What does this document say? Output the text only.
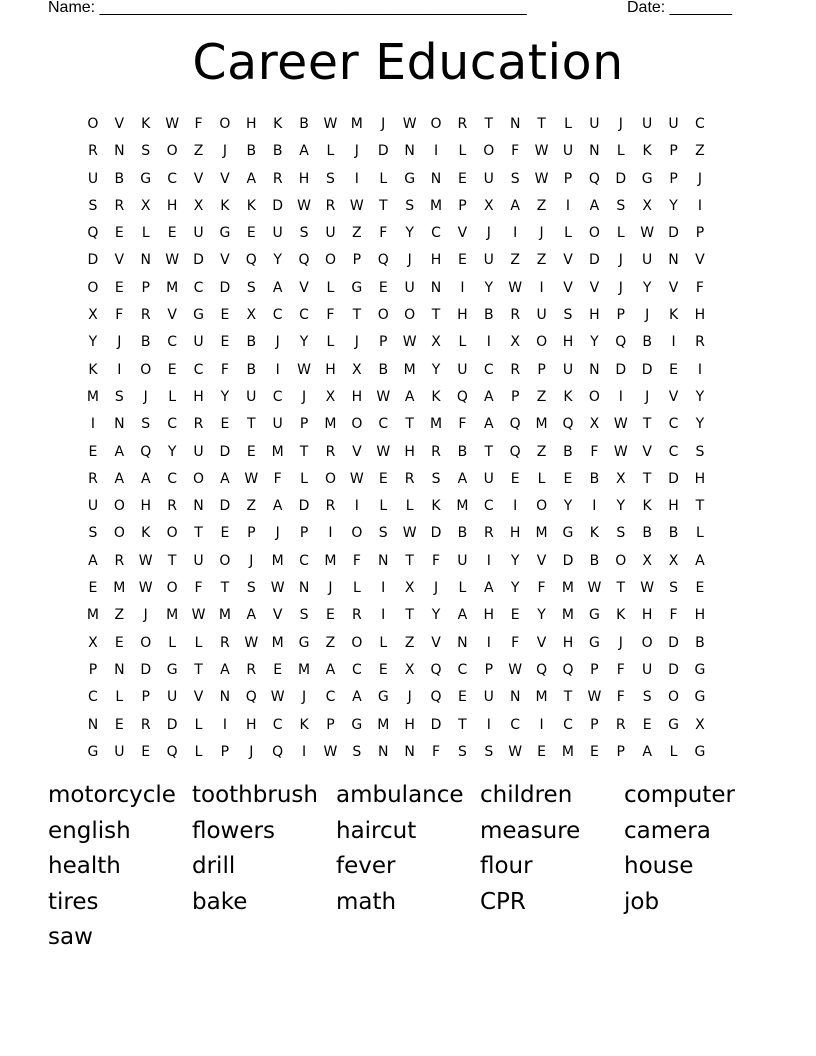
Name: ________________________________________________	Date: _______
Career Education
O	V	K	W	F	O	H	K	B	W M	J	W O	R	T	N	T	L	U	J	U	U	C
R	N	S	O	Z	J	B	B	A	L	J	D	N	I	L	O	F	W U	N	L	K	P	Z
U	B	G	C	V	V	A	R	H	S	I	L	G	N	E	U	S	W	P	Q	D	G	P	J
S	R	X	H	X	K	K	D W	R	W	T	S	M	P	X	A	Z	I	A	S	X	Y	I
Q	E	L	E	U	G	E	U	S	U	Z	F	Y	C	V	J	I	J	L	O	L	W D	P
D	V	N W D	V	Q	Y	Q	O	P	Q	J	H	E	U	Z	Z	V	D	J	U	N	V
O	E	P	M	C	D	S	A	V	L	G	E	U	N	I	Y	W	I	V	V	J	Y	V	F
X	F	R	V	G	E	X	C	C	F	T	O	O	T	H	B	R	U	S	H	P	J	K	H
Y	J	B	C	U	E	B	J	Y	L	J	P	W	X	L	I	X	O	H	Y	Q	B	I	R
K	I	O	E	C	F	B	I	W H	X	B	M	Y	U	C	R	P	U	N	D	D	E	I
M	S	J	L	H	Y	U	C	J	X	H W	A	K	Q	A	P	Z	K	O	I	J	V	Y
I	N	S	C	R	E	T	U	P	M	O	C	T	M	F	A	Q	M	Q	X	W	T	C	Y
E	A	Q	Y	U	D	E	M	T	R	V	W H	R	B	T	Q	Z	B	F	W	V	C	S
R	A	A	C	O	A	W	F	L	O W	E	R	S	A	U	E	L	E	B	X	T	D	H
U	O	H	R	N	D	Z	A	D	R	I	L	L	K	M	C	I	O	Y	I	Y	K	H	T
S	O	K	O	T	E	P	J	P	I	O	S	W D	B	R	H	M	G	K	S	B	B	L
A	R	W	T	U	O	J	M	C	M	F	N	T	F	U	I	Y	V	D	B	O	X	X	A
E	M W O	F	T	S	W N	J	L	I	X	J	L	A	Y	F	M W	T	W	S	E
M	Z	J	M W M	A	V	S	E	R	I	T	Y	A	H	E	Y	M	G	K	H	F	H
X	E	O	L	L	R	W M	G	Z	O	L	Z	V	N	I	F	V	H	G	J	O	D	B
P	N	D	G	T	A	R	E	M	A	C	E	X	Q	C	P	W Q	Q	P	F	U	D	G
C	L	P	U	V	N	Q W	J	C	A	G	J	Q	E	U	N	M	T	W	F	S	O	G
N	E	R	D	L	I	H	C	K	P	G	M	H	D	T	I	C	I	C	P	R	E	G	X
G	U	E	Q	L	P	J	Q	I	W	S	N	N	F	S	S	W	E	M	E	P	A	L	G
motorcycle toothbrush ambulance children	computer
english	flowers	haircut	measure	camera
health	drill	fever	flour	house
tires	bake	math	CPR	job
saw
